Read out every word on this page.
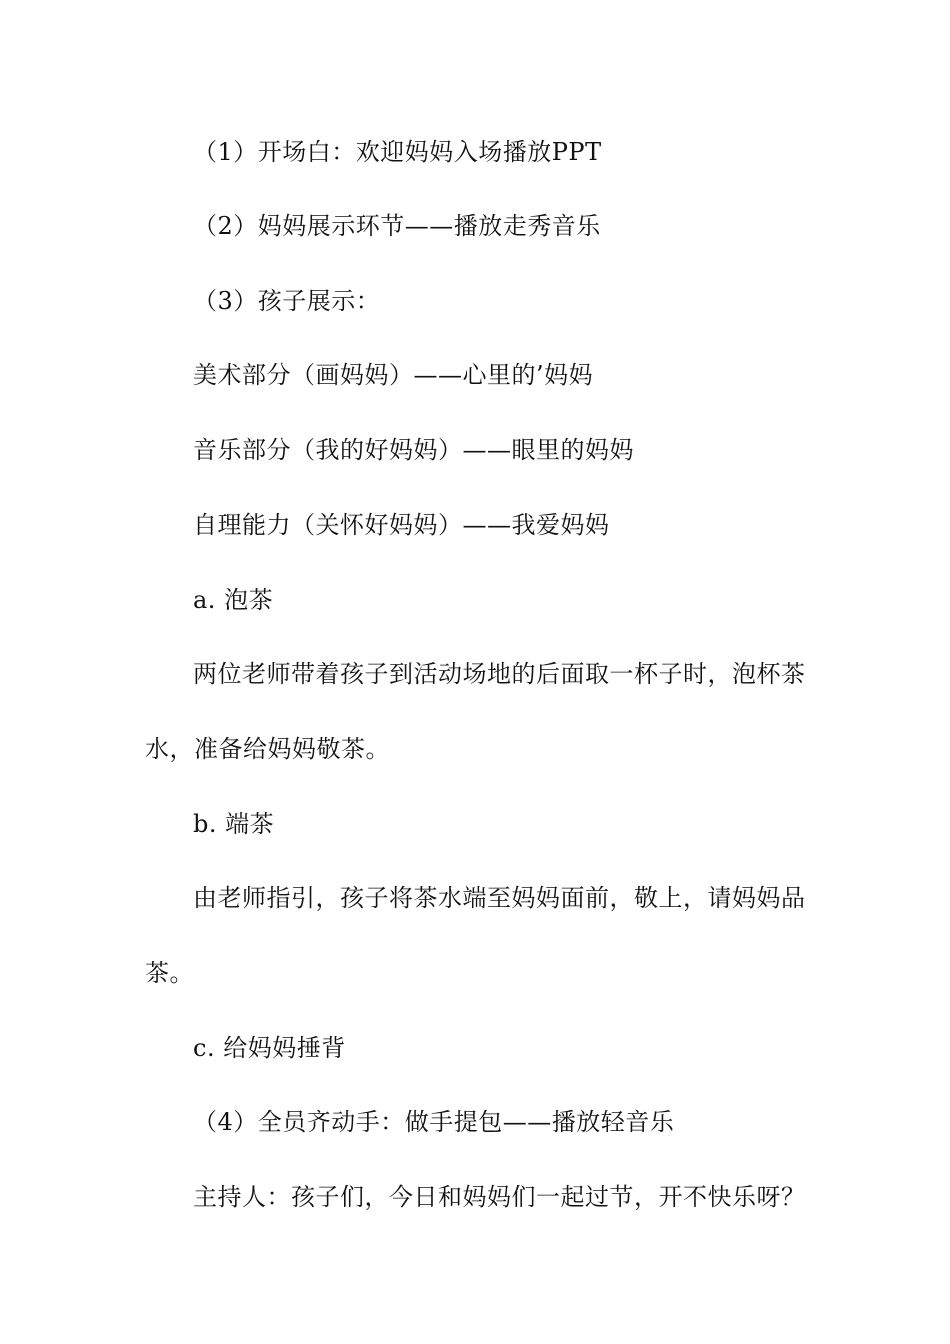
（1）开场白：欢迎妈妈入场播放PPT
（2）妈妈展示环节——播放走秀音乐
（3）孩子展示：
美术部分（画妈妈）——心里的’妈妈
音乐部分（我的好妈妈）——眼里的妈妈
自理能力（关怀好妈妈）——我爱妈妈
a. 泡茶
两位老师带着孩子到活动场地的后面取一杯子时，泡杯茶
水，准备给妈妈敬茶。
b. 端茶
由老师指引，孩子将茶水端至妈妈面前，敬上，请妈妈品
茶。
c. 给妈妈捶背
（4）全员齐动手：做手提包——播放轻音乐
主持人：孩子们，今日和妈妈们一起过节，开不快乐呀？
